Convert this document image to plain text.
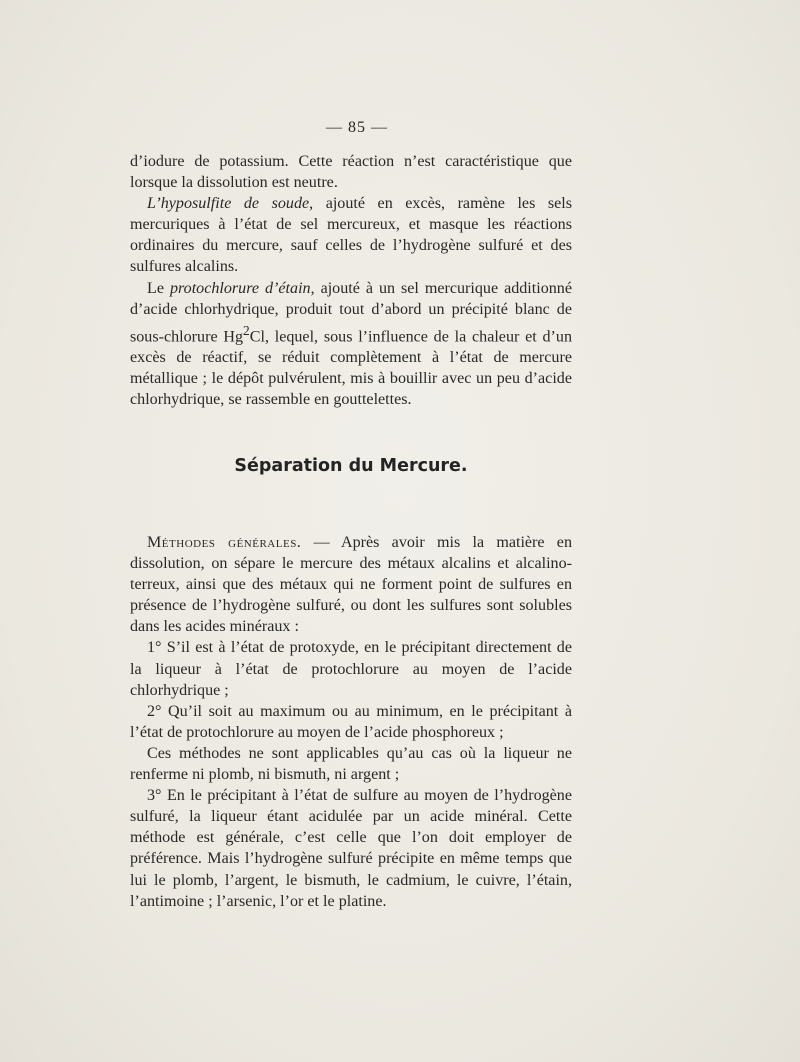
— 85 —

d’iodure de potassium. Cette réaction n’est caractéristique que lorsque la dissolution est neutre.

L’hyposulfite de soude, ajouté en excès, ramène les sels mercuriques à l’état de sel mercureux, et masque les réactions ordinaires du mercure, sauf celles de l’hydrogène sulfuré et des sulfures alcalins.

Le protochlorure d’étain, ajouté à un sel mercurique additionné d’acide chlorhydrique, produit tout d’abord un précipité blanc de sous-chlorure Hg$^2$Cl, lequel, sous l’influence de la chaleur et d’un excès de réactif, se réduit complètement à l’état de mercure métallique ; le dépôt pulvérulent, mis à bouillir avec un peu d’acide chlorhydrique, se rassemble en gouttelettes.

Séparation du Mercure.

Méthodes générales. — Après avoir mis la matière en dissolution, on sépare le mercure des métaux alcalins et alcalino-terreux, ainsi que des métaux qui ne forment point de sulfures en présence de l’hydrogène sulfuré, ou dont les sulfures sont solubles dans les acides minéraux :

1° S’il est à l’état de protoxyde, en le précipitant directement de la liqueur à l’état de protochlorure au moyen de l’acide chlorhydrique ;

2° Qu’il soit au maximum ou au minimum, en le précipitant à l’état de protochlorure au moyen de l’acide phosphoreux ;

Ces méthodes ne sont applicables qu’au cas où la liqueur ne renferme ni plomb, ni bismuth, ni argent ;

3° En le précipitant à l’état de sulfure au moyen de l’hydrogène sulfuré, la liqueur étant acidulée par un acide minéral. Cette méthode est générale, c’est celle que l’on doit employer de préférence. Mais l’hydrogène sulfuré précipite en même temps que lui le plomb, l’argent, le bismuth, le cadmium, le cuivre, l’étain, l’antimoine ; l’arsenic, l’or et le platine.
